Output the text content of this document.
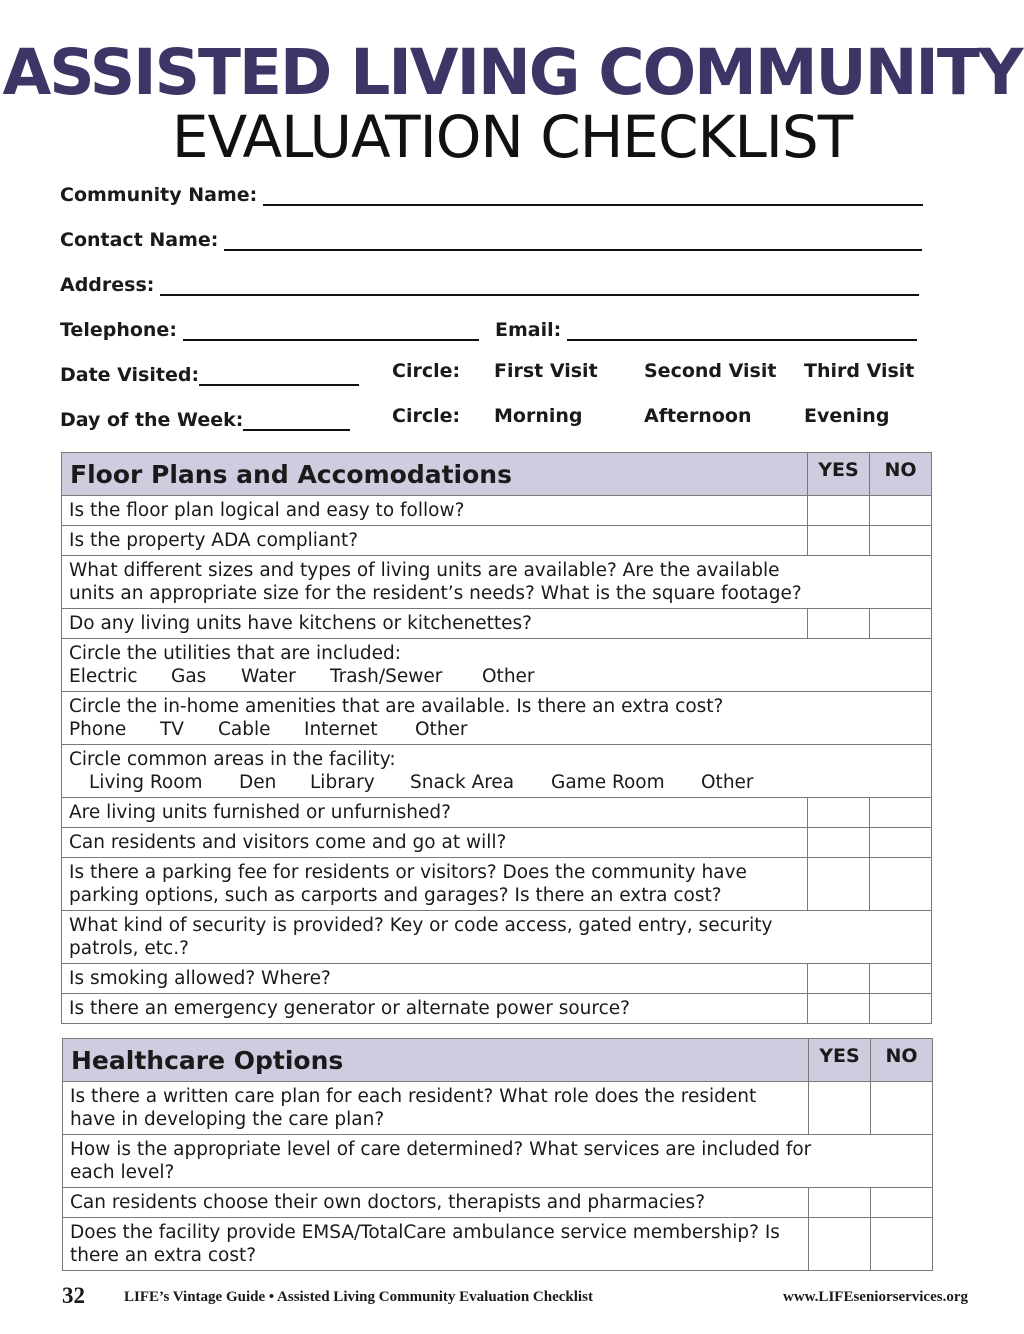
ASSISTED LIVING COMMUNITY
EVALUATION CHECKLIST
Community Name:
Contact Name:
Address:
Telephone:	Email:
Date Visited:
Day of the Week:
Circle: First Visit Second Visit Third Visit
Circle: Morning	Afternoon	Evening
Floor Plans and Accomodations	YES	NO
Is the floor plan logical and easy to follow?		
Is the property ADA compliant?		
What different sizes and types of living units are available? Are the available units an appropriate size for the resident’s needs? What is the square footage?		
Do any living units have kitchens or kitchenettes?		

Circle the utilities that are included:
Electric Gas Water Trash/Sewer Other		

Circle the in-home amenities that are available. Is there an extra cost?
Phone TV Cable Internet Other		

Circle common areas in the facility:
Living Room Den Library Snack Area Game Room Other		

Are living units furnished or unfurnished?		
Can residents and visitors come and go at will?		
Is there a parking fee for residents or visitors? Does the community have parking options, such as carports and garages? Is there an extra cost?		
What kind of security is provided? Key or code access, gated entry, security patrols, etc.?		
Is smoking allowed? Where?		
Is there an emergency generator or alternate power source?		
Healthcare Options	YES	NO
Is there a written care plan for each resident? What role does the resident have in developing the care plan?		
How is the appropriate level of care determined? What services are included for each level?		
Can residents choose their own doctors, therapists and pharmacies?		
Does the facility provide EMSA/TotalCare ambulance service membership? Is there an extra cost?		
32	LIFE’s Vintage Guide • Assisted Living Community Evaluation Checklist	www.LIFEseniorservices.org
